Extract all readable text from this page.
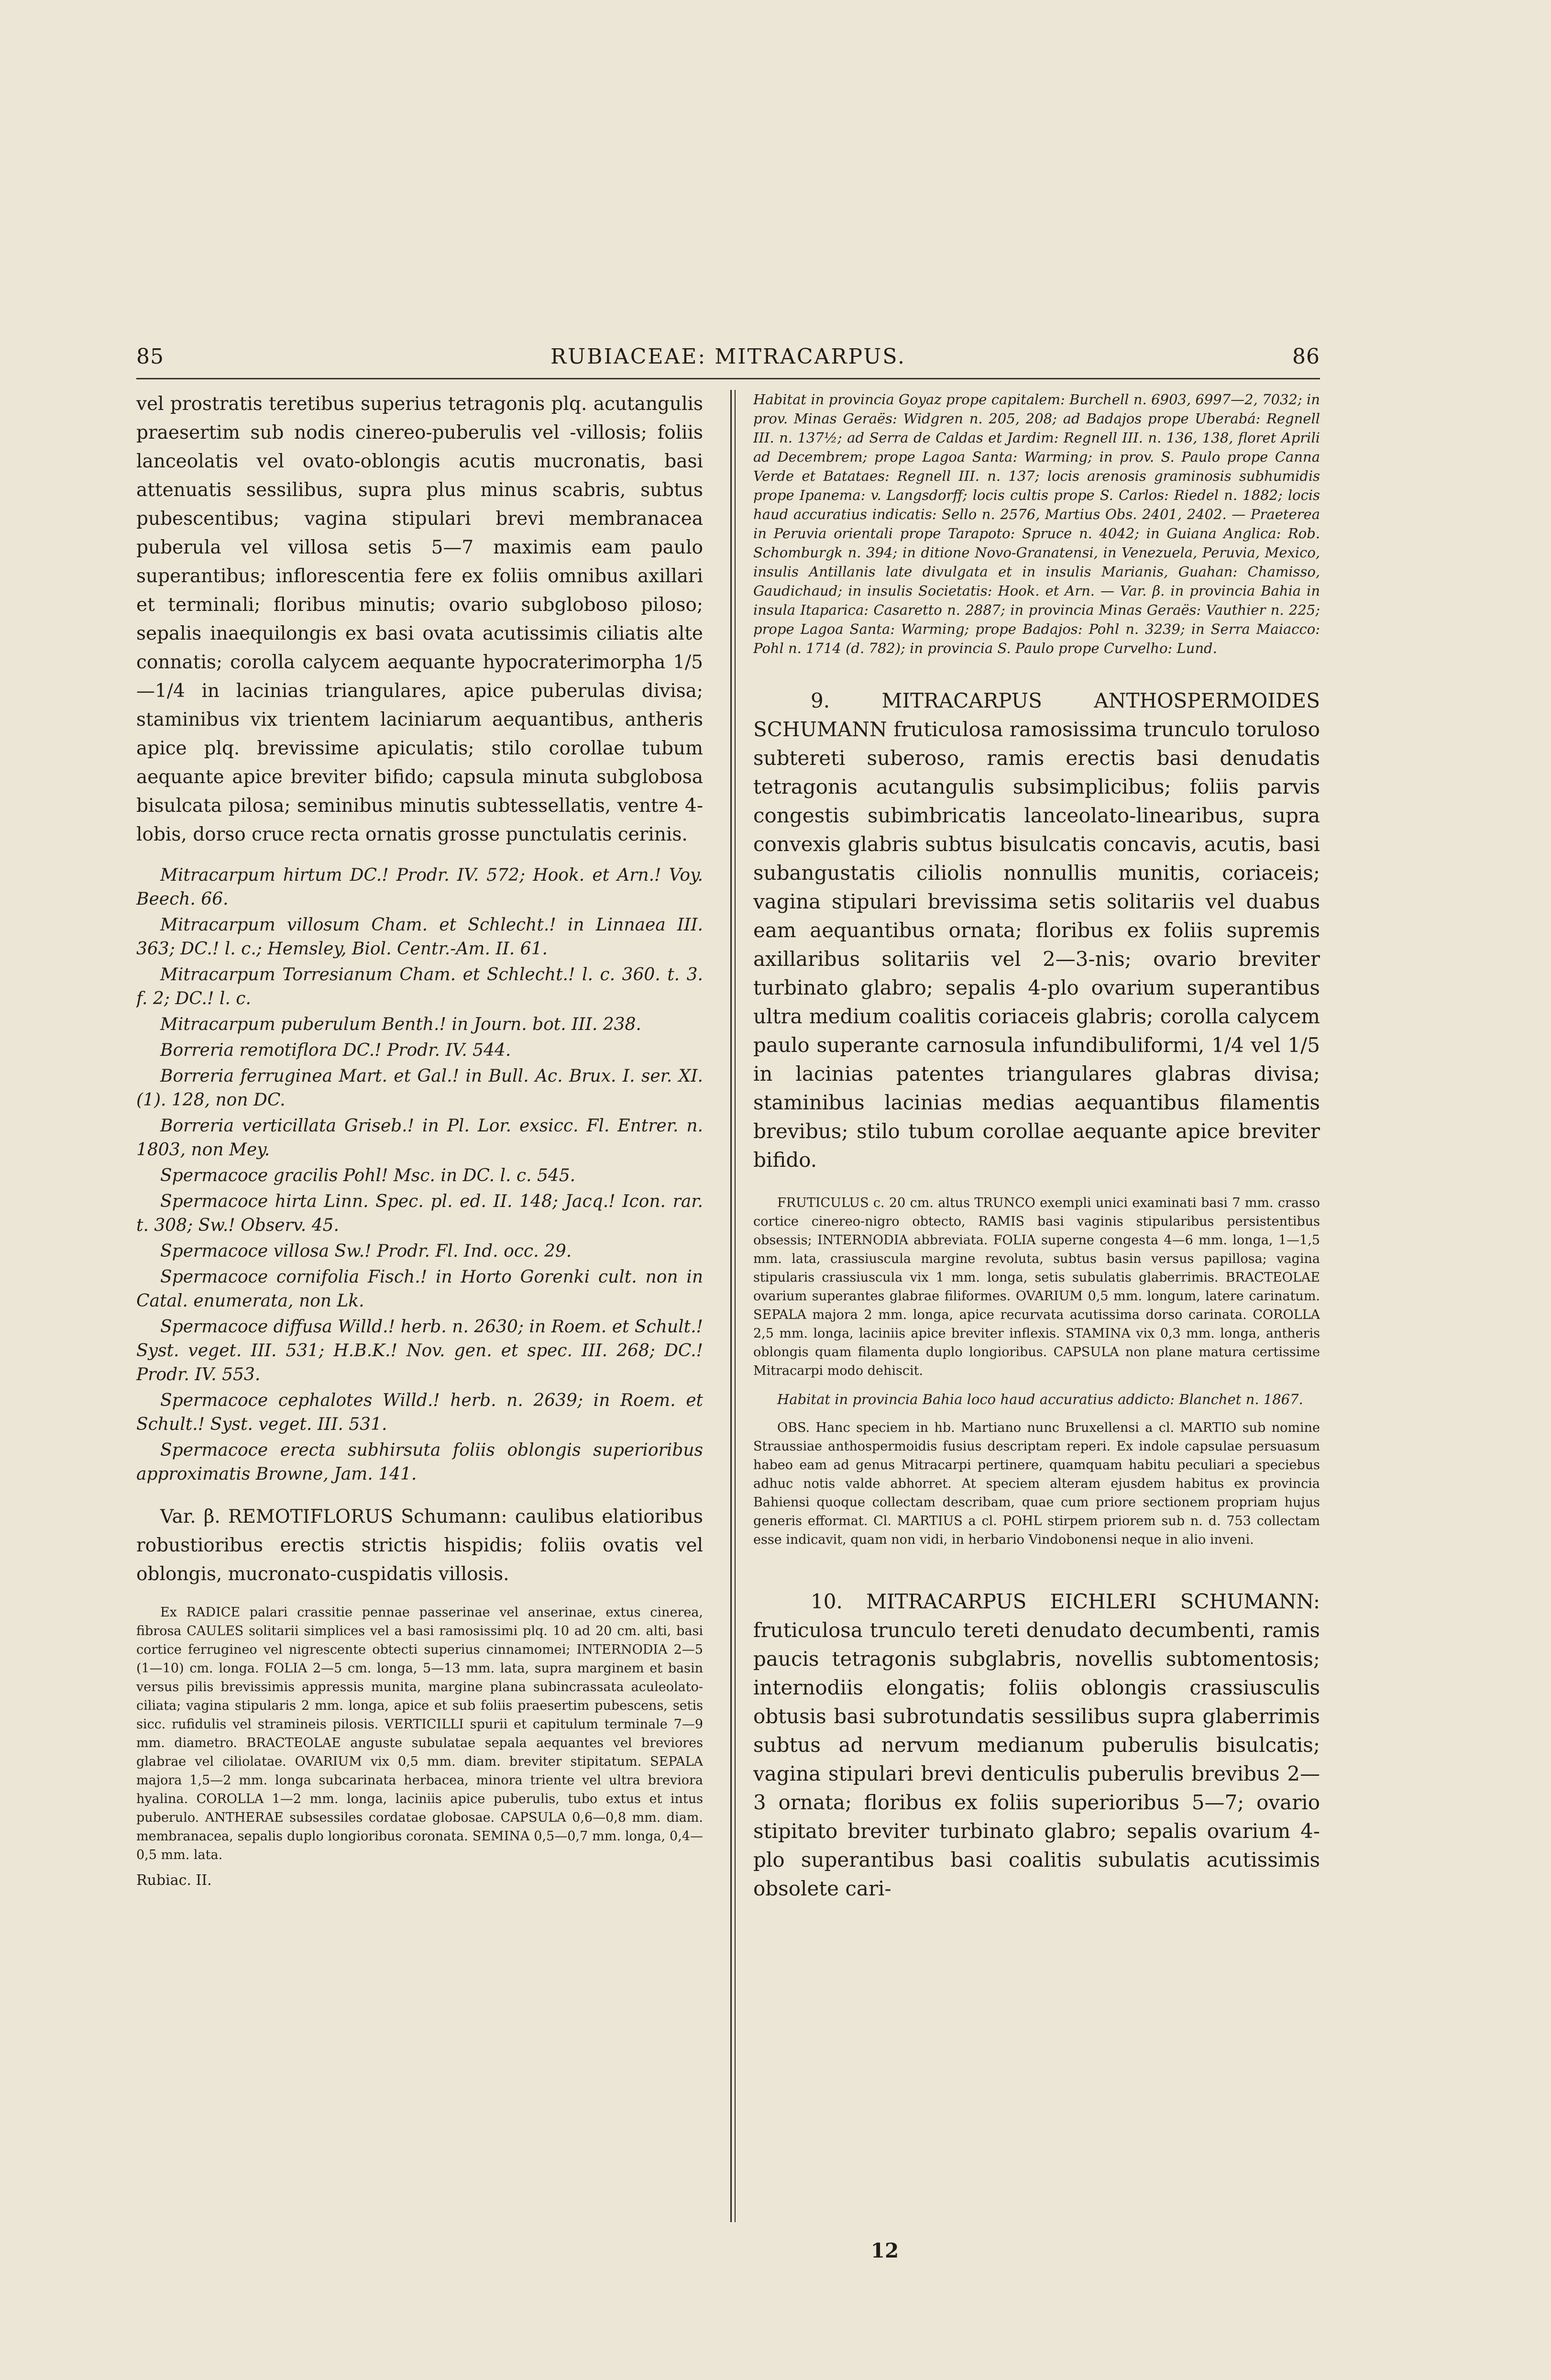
85	RUBIACEAE: MITRACARPUS.	86

vel prostratis teretibus superius tetragonis plq. acutangulis praesertim sub nodis cinereo-puberulis vel -villosis; foliis lanceolatis vel ovato-oblongis acutis mucronatis, basi attenuatis sessilibus, supra plus minus scabris, subtus pubescentibus; vagina stipulari brevi membranacea puberula vel villosa setis 5—7 maximis eam paulo superantibus; inflorescentia fere ex foliis omnibus axillari et terminali; floribus minutis; ovario subgloboso piloso; sepalis inaequilongis ex basi ovata acutissimis ciliatis alte connatis; corolla calycem aequante hypocraterimorpha 1/5—1/4 in lacinias triangulares, apice puberulas divisa; staminibus vix trientem laciniarum aequantibus, antheris apice plq. brevissime apiculatis; stilo corollae tubum aequante apice breviter bifido; capsula minuta subglobosa bisulcata pilosa; seminibus minutis subtessellatis, ventre 4-lobis, dorso cruce recta ornatis grosse punctulatis cerinis.

Mitracarpum hirtum DC.! Prodr. IV. 572; Hook. et Arn.! Voy. Beech. 66.

Mitracarpum villosum Cham. et Schlecht.! in Linnaea III. 363; DC.! l. c.; Hemsley, Biol. Centr.-Am. II. 61.

Mitracarpum Torresianum Cham. et Schlecht.! l. c. 360. t. 3. f. 2; DC.! l. c.

Mitracarpum puberulum Benth.! in Journ. bot. III. 238.

Borreria remotiflora DC.! Prodr. IV. 544.

Borreria ferruginea Mart. et Gal.! in Bull. Ac. Brux. I. ser. XI. (1). 128, non DC.

Borreria verticillata Griseb.! in Pl. Lor. exsicc. Fl. Entrer. n. 1803, non Mey.

Spermacoce gracilis Pohl! Msc. in DC. l. c. 545.

Spermacoce hirta Linn. Spec. pl. ed. II. 148; Jacq.! Icon. rar. t. 308; Sw.! Observ. 45.

Spermacoce villosa Sw.! Prodr. Fl. Ind. occ. 29.

Spermacoce cornifolia Fisch.! in Horto Gorenki cult. non in Catal. enumerata, non Lk.

Spermacoce diffusa Willd.! herb. n. 2630; in Roem. et Schult.! Syst. veget. III. 531; H.B.K.! Nov. gen. et spec. III. 268; DC.! Prodr. IV. 553.

Spermacoce cephalotes Willd.! herb. n. 2639; in Roem. et Schult.! Syst. veget. III. 531.

Spermacoce erecta subhirsuta foliis oblongis superioribus approximatis Browne, Jam. 141.

Var. β. REMOTIFLORUS Schumann: caulibus elatioribus robustioribus erectis strictis hispidis; foliis ovatis vel oblongis, mucronato-cuspidatis villosis.

Ex RADICE palari crassitie pennae passerinae vel anserinae, extus cinerea, fibrosa CAULES solitarii simplices vel a basi ramosissimi plq. 10 ad 20 cm. alti, basi cortice ferrugineo vel nigrescente obtecti superius cinnamomei; INTERNODIA 2—5 (1—10) cm. longa. FOLIA 2—5 cm. longa, 5—13 mm. lata, supra marginem et basin versus pilis brevissimis appressis munita, margine plana subincrassata aculeolato-ciliata; vagina stipularis 2 mm. longa, apice et sub foliis praesertim pubescens, setis sicc. rufidulis vel stramineis pilosis. VERTICILLI spurii et capitulum terminale 7—9 mm. diametro. BRACTEOLAE anguste subulatae sepala aequantes vel breviores glabrae vel ciliolatae. OVARIUM vix 0,5 mm. diam. breviter stipitatum. SEPALA majora 1,5—2 mm. longa subcarinata herbacea, minora triente vel ultra breviora hyalina. COROLLA 1—2 mm. longa, laciniis apice puberulis, tubo extus et intus puberulo. ANTHERAE subsessiles cordatae globosae. CAPSULA 0,6—0,8 mm. diam. membranacea, sepalis duplo longioribus coronata. SEMINA 0,5—0,7 mm. longa, 0,4—0,5 mm. lata.

Rubiac. II.

Habitat in provincia Goyaz prope capitalem: Burchell n. 6903, 6997—2, 7032; in prov. Minas Geraës: Widgren n. 205, 208; ad Badajos prope Uberabá: Regnell III. n. 137½; ad Serra de Caldas et Jardim: Regnell III. n. 136, 138, floret Aprili ad Decembrem; prope Lagoa Santa: Warming; in prov. S. Paulo prope Canna Verde et Batataes: Regnell III. n. 137; locis arenosis graminosis subhumidis prope Ipanema: v. Langsdorff; locis cultis prope S. Carlos: Riedel n. 1882; locis haud accuratius indicatis: Sello n. 2576, Martius Obs. 2401, 2402. — Praeterea in Peruvia orientali prope Tarapoto: Spruce n. 4042; in Guiana Anglica: Rob. Schomburgk n. 394; in ditione Novo-Granatensi, in Venezuela, Peruvia, Mexico, insulis Antillanis late divulgata et in insulis Marianis, Guahan: Chamisso, Gaudichaud; in insulis Societatis: Hook. et Arn. — Var. β. in provincia Bahia in insula Itaparica: Casaretto n. 2887; in provincia Minas Geraës: Vauthier n. 225; prope Lagoa Santa: Warming; prope Badajos: Pohl n. 3239; in Serra Maiacco: Pohl n. 1714 (d. 782); in provincia S. Paulo prope Curvelho: Lund.

9. MITRACARPUS ANTHOSPERMOIDES SCHUMANN fruticulosa ramosissima trunculo toruloso subtereti suberoso, ramis erectis basi denudatis tetragonis acutangulis subsimplicibus; foliis parvis congestis subimbricatis lanceolato-linearibus, supra convexis glabris subtus bisulcatis concavis, acutis, basi subangustatis ciliolis nonnullis munitis, coriaceis; vagina stipulari brevissima setis solitariis vel duabus eam aequantibus ornata; floribus ex foliis supremis axillaribus solitariis vel 2—3-nis; ovario breviter turbinato glabro; sepalis 4-plo ovarium superantibus ultra medium coalitis coriaceis glabris; corolla calycem paulo superante carnosula infundibuliformi, 1/4 vel 1/5 in lacinias patentes triangulares glabras divisa; staminibus lacinias medias aequantibus filamentis brevibus; stilo tubum corollae aequante apice breviter bifido.

FRUTICULUS c. 20 cm. altus TRUNCO exempli unici examinati basi 7 mm. crasso cortice cinereo-nigro obtecto, RAMIS basi vaginis stipularibus persistentibus obsessis; INTERNODIA abbreviata. FOLIA superne congesta 4—6 mm. longa, 1—1,5 mm. lata, crassiuscula margine revoluta, subtus basin versus papillosa; vagina stipularis crassiuscula vix 1 mm. longa, setis subulatis glaberrimis. BRACTEOLAE ovarium superantes glabrae filiformes. OVARIUM 0,5 mm. longum, latere carinatum. SEPALA majora 2 mm. longa, apice recurvata acutissima dorso carinata. COROLLA 2,5 mm. longa, laciniis apice breviter inflexis. STAMINA vix 0,3 mm. longa, antheris oblongis quam filamenta duplo longioribus. CAPSULA non plane matura certissime Mitracarpi modo dehiscit.

Habitat in provincia Bahia loco haud accuratius addicto: Blanchet n. 1867.

OBS. Hanc speciem in hb. Martiano nunc Bruxellensi a cl. MARTIO sub nomine Straussiae anthospermoidis fusius descriptam reperi. Ex indole capsulae persuasum habeo eam ad genus Mitracarpi pertinere, quamquam habitu peculiari a speciebus adhuc notis valde abhorret. At speciem alteram ejusdem habitus ex provincia Bahiensi quoque collectam describam, quae cum priore sectionem propriam hujus generis efformat. Cl. MARTIUS a cl. POHL stirpem priorem sub n. d. 753 collectam esse indicavit, quam non vidi, in herbario Vindobonensi neque in alio inveni.

10. MITRACARPUS EICHLERI SCHUMANN: fruticulosa trunculo tereti denudato decumbenti, ramis paucis tetragonis subglabris, novellis subtomentosis; internodiis elongatis; foliis oblongis crassiusculis obtusis basi subrotundatis sessilibus supra glaberrimis subtus ad nervum medianum puberulis bisulcatis; vagina stipulari brevi denticulis puberulis brevibus 2—3 ornata; floribus ex foliis superioribus 5—7; ovario stipitato breviter turbinato glabro; sepalis ovarium 4-plo superantibus basi coalitis subulatis acutissimis obsolete cari-

12
